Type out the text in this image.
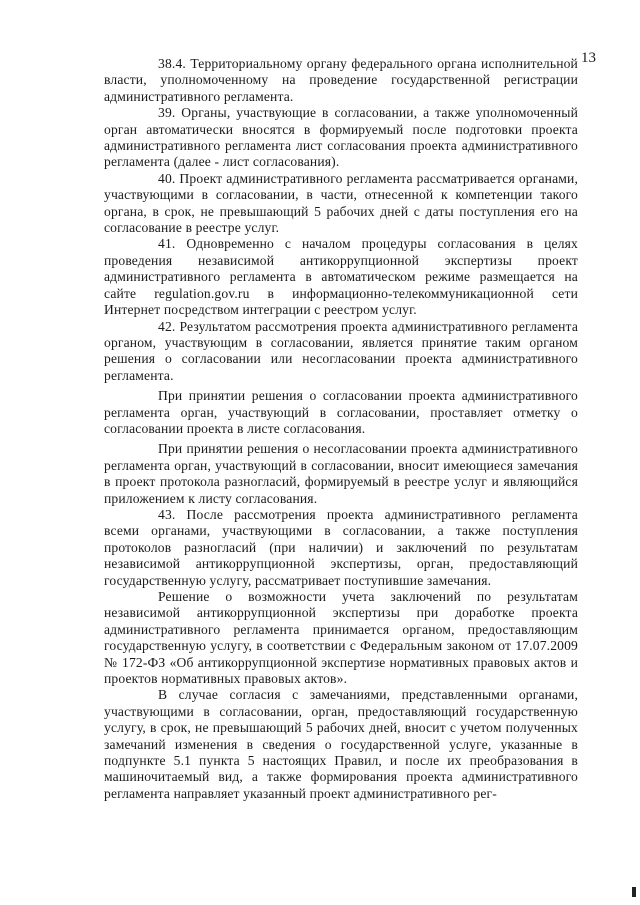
13

38.4. Территориальному органу федерального органа исполнительной власти, уполномоченному на проведение государственной регистрации административного регламента.

39. Органы, участвующие в согласовании, а также уполномоченный орган автоматически вносятся в формируемый после подготовки проекта административного регламента лист согласования проекта административного регламента (далее - лист согласования).

40. Проект административного регламента рассматривается органами, участвующими в согласовании, в части, отнесенной к компетенции такого органа, в срок, не превышающий 5 рабочих дней с даты поступления его на согласование в реестре услуг.

41. Одновременно с началом процедуры согласования в целях проведения независимой антикоррупционной экспертизы проект административного регламента в автоматическом режиме размещается на сайте regulation.gov.ru в информационно-телекоммуникационной сети Интернет посредством интеграции с реестром услуг.

42. Результатом рассмотрения проекта административного регламента органом, участвующим в согласовании, является принятие таким органом решения о согласовании или несогласовании проекта административного регламента.

При принятии решения о согласовании проекта административного регламента орган, участвующий в согласовании, проставляет отметку о согласовании проекта в листе согласования.

При принятии решения о несогласовании проекта административного регламента орган, участвующий в согласовании, вносит имеющиеся замечания в проект протокола разногласий, формируемый в реестре услуг и являющийся приложением к листу согласования.

43. После рассмотрения проекта административного регламента всеми органами, участвующими в согласовании, а также поступления протоколов разногласий (при наличии) и заключений по результатам независимой антикоррупционной экспертизы, орган, предоставляющий государственную услугу, рассматривает поступившие замечания.

Решение о возможности учета заключений по результатам независимой антикоррупционной экспертизы при доработке проекта административного регламента принимается органом, предоставляющим государственную услугу, в соответствии с Федеральным законом от 17.07.2009 № 172-ФЗ «Об антикоррупционной экспертизе нормативных правовых актов и проектов нормативных правовых актов».

В случае согласия с замечаниями, представленными органами, участвующими в согласовании, орган, предоставляющий государственную услугу, в срок, не превышающий 5 рабочих дней, вносит с учетом полученных замечаний изменения в сведения о государственной услуге, указанные в подпункте 5.1 пункта 5 настоящих Правил, и после их преобразования в машиночитаемый вид, а также формирования проекта административного регламента направляет указанный проект административного рег-
